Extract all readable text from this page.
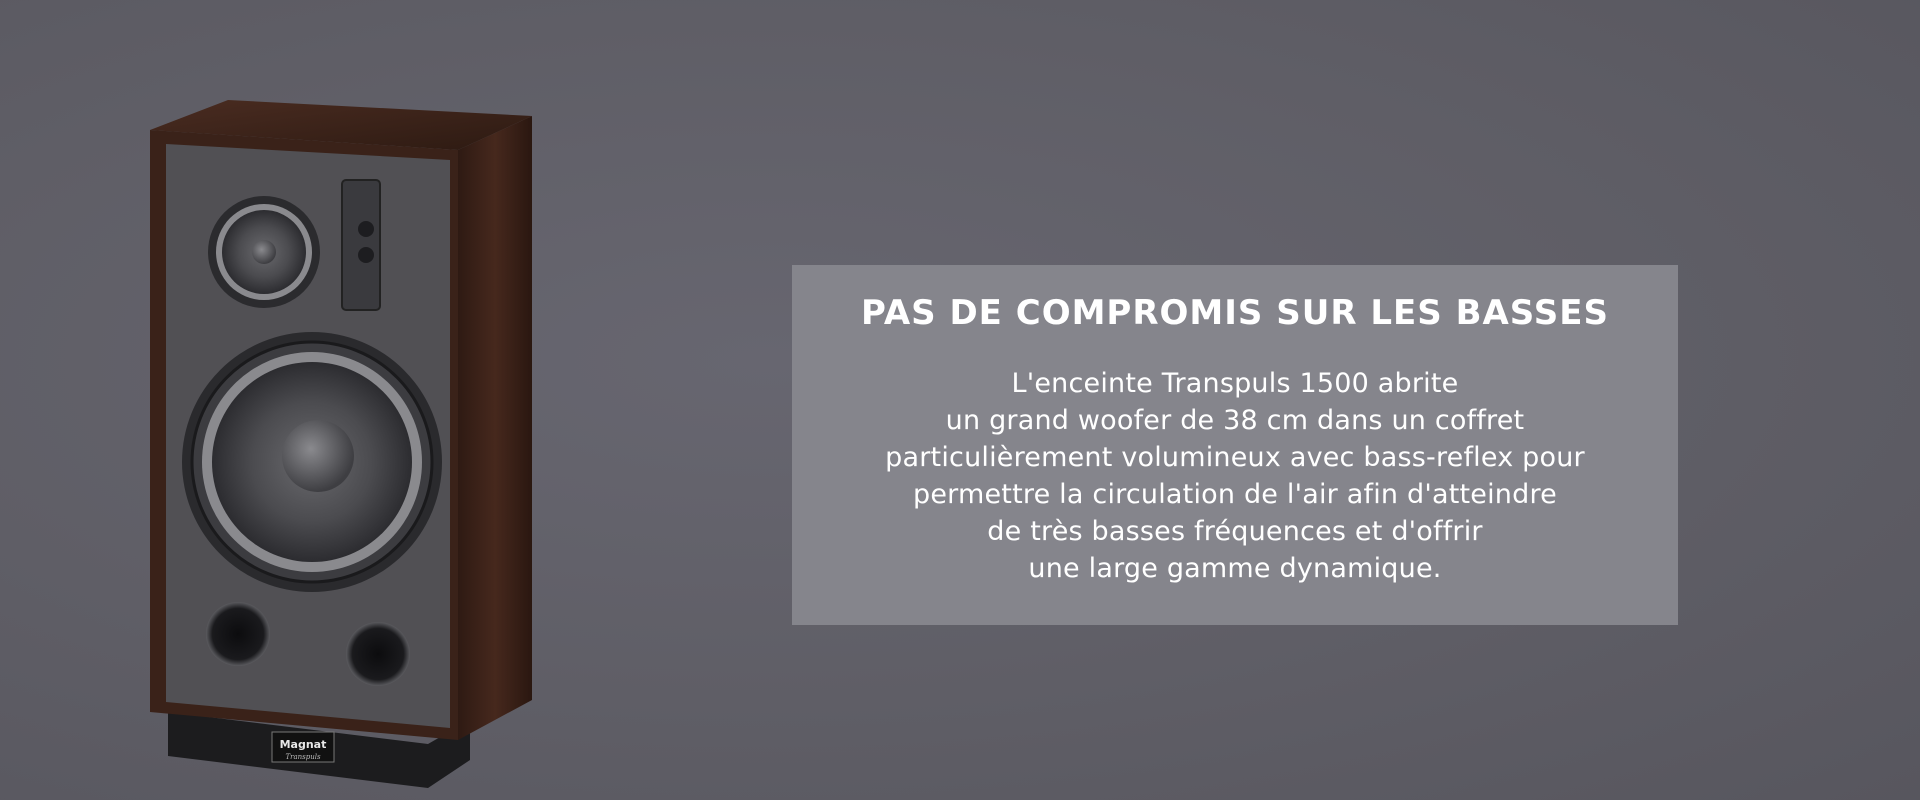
Magnat
Transpuls
PAS DE COMPROMIS SUR LES BASSES
L'enceinte Transpuls 1500 abrite
un grand woofer de 38 cm dans un coffret
particulièrement volumineux avec bass-reflex pour
permettre la circulation de l'air afin d'atteindre
de très basses fréquences et d'offrir
une large gamme dynamique.
